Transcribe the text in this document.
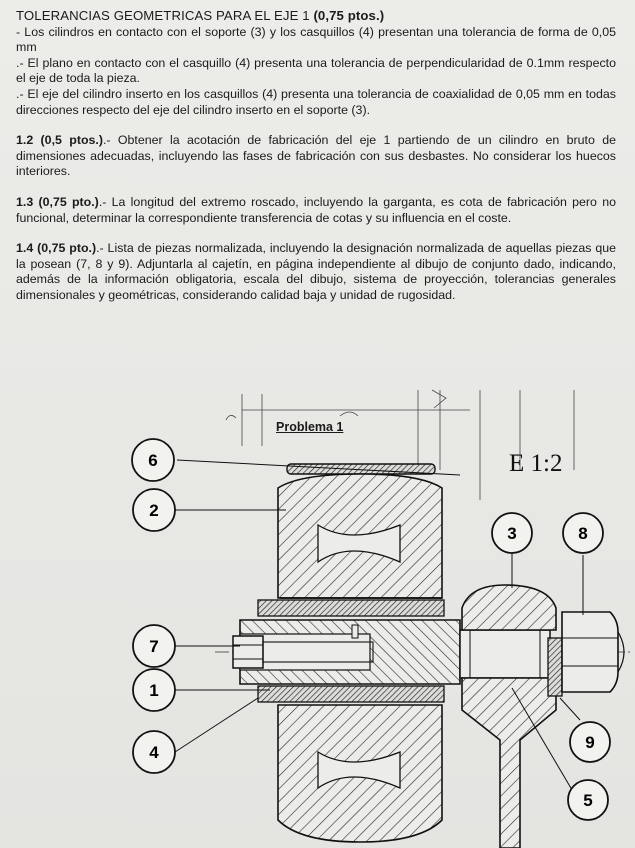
TOLERANCIAS GEOMETRICAS PARA EL EJE 1 (0,75 ptos.)

- Los cilindros en contacto con el soporte (3) y los casquillos (4) presentan una tolerancia de forma de 0,05 mm

.- El plano en contacto con el casquillo (4) presenta una tolerancia de perpendicularidad de 0.1mm respecto el eje de toda la pieza.

.- El eje del cilindro inserto en los casquillos (4) presenta una tolerancia de coaxialidad de 0,05 mm en todas direcciones respecto del eje del cilindro inserto en el soporte (3).

1.2 (0,5 ptos.).- Obtener la acotación de fabricación del eje 1 partiendo de un cilindro en bruto de dimensiones adecuadas, incluyendo las fases de fabricación con sus desbastes. No considerar los huecos interiores.

1.3 (0,75 pto.).- La longitud del extremo roscado, incluyendo la garganta, es cota de fabricación pero no funcional, determinar la correspondiente transferencia de cotas y su influencia en el coste.

1.4 (0,75 pto.).- Lista de piezas normalizada, incluyendo la designación normalizada de aquellas piezas que la posean (7, 8 y 9). Adjuntarla al cajetín, en página independiente al dibujo de conjunto dado, indicando, además de la información obligatoria, escala del dibujo, sistema de proyección, tolerancias generales dimensionales y geométricas, considerando calidad baja y unidad de rugosidad.

Problema 1
E 1:2
6
2
7
1
4
3	8
9
5
